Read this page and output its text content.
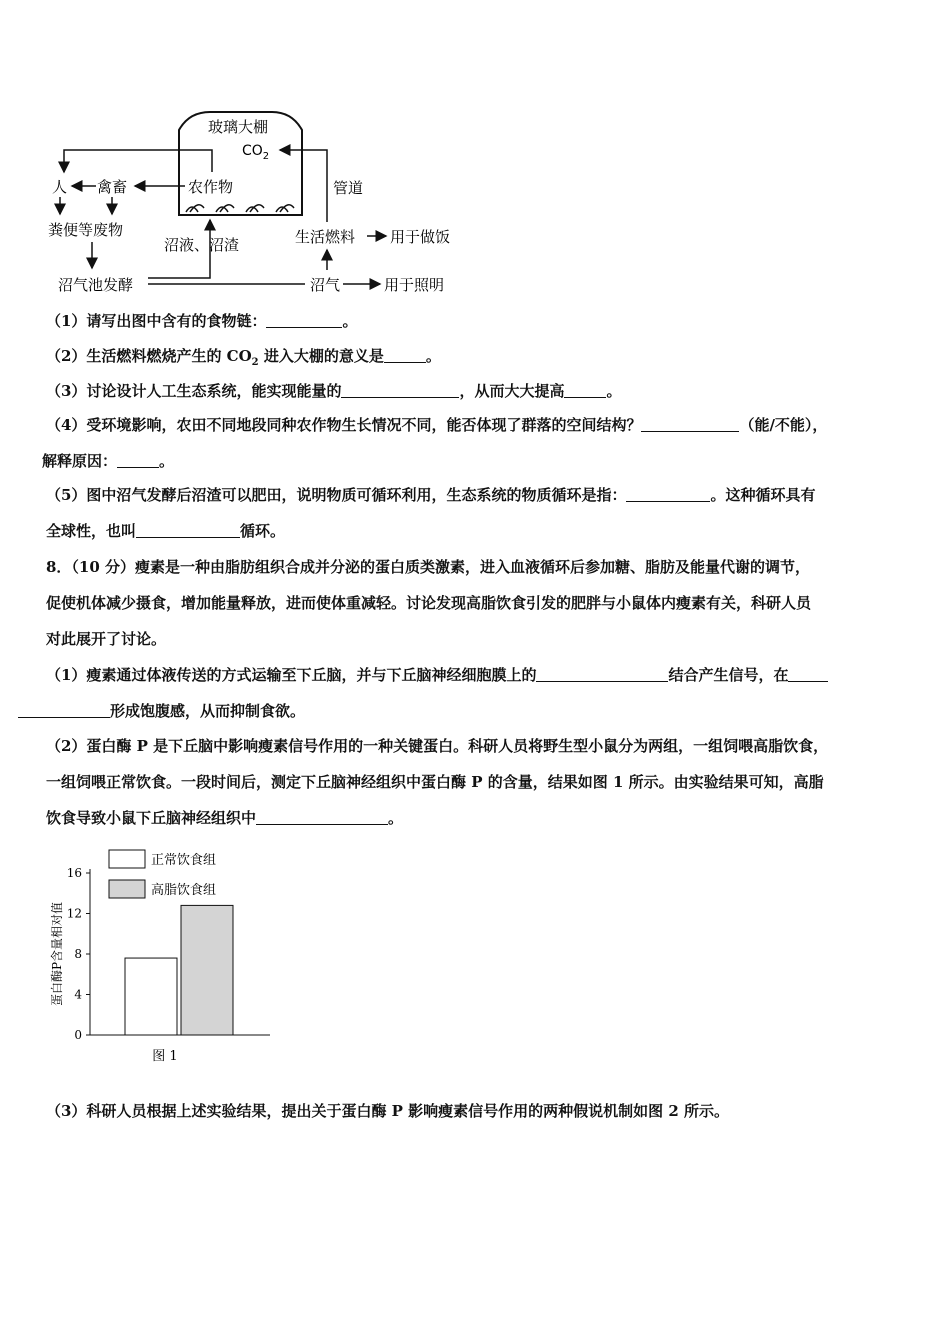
玻璃大棚
$CO_2$
农作物
人 禽畜
粪便等废物
沼气池发酵
沼液、沼渣
沼气	用于照明
生活燃料 用于做饭
管道
（1）请写出图中含有的食物链：	。
（2）生活燃料燃烧产生的 $CO_2$ 进入大棚的意义是	。
（3）讨论设计人工生态系统，能实现能量的	，从而大大提高	。
（4）受环境影响，农田不同地段同种农作物生长情况不同，能否体现了群落的空间结构？	（能/不能），
解释原因：	。
（5）图中沼气发酵后沼渣可以肥田，说明物质可循环利用，生态系统的物质循环是指：	。这种循环具有
全球性，也叫	循环。
8．（10 分）瘦素是一种由脂肪组织合成并分泌的蛋白质类激素，进入血液循环后参加糖、脂肪及能量代谢的调节，
促使机体减少摄食，增加能量释放，进而使体重减轻。讨论发现高脂饮食引发的肥胖与小鼠体内瘦素有关，科研人员
对此展开了讨论。
（1）瘦素通过体液传送的方式运输至下丘脑，并与下丘脑神经细胞膜上的	结合产生信号，在
形成饱腹感，从而抑制食欲。
（2）蛋白酶 P 是下丘脑中影响瘦素信号作用的一种关键蛋白。科研人员将野生型小鼠分为两组，一组饲喂高脂饮食，
一组饲喂正常饮食。一段时间后，测定下丘脑神经组织中蛋白酶 P 的含量，结果如图 1 所示。由实验结果可知，高脂
饮食导致小鼠下丘脑神经组织中	。
0
4
8
12
16
蛋白酶P含量相对值
正常饮食组
高脂饮食组
图 1
（3）科研人员根据上述实验结果，提出关于蛋白酶 P 影响瘦素信号作用的两种假说机制如图 2 所示。
